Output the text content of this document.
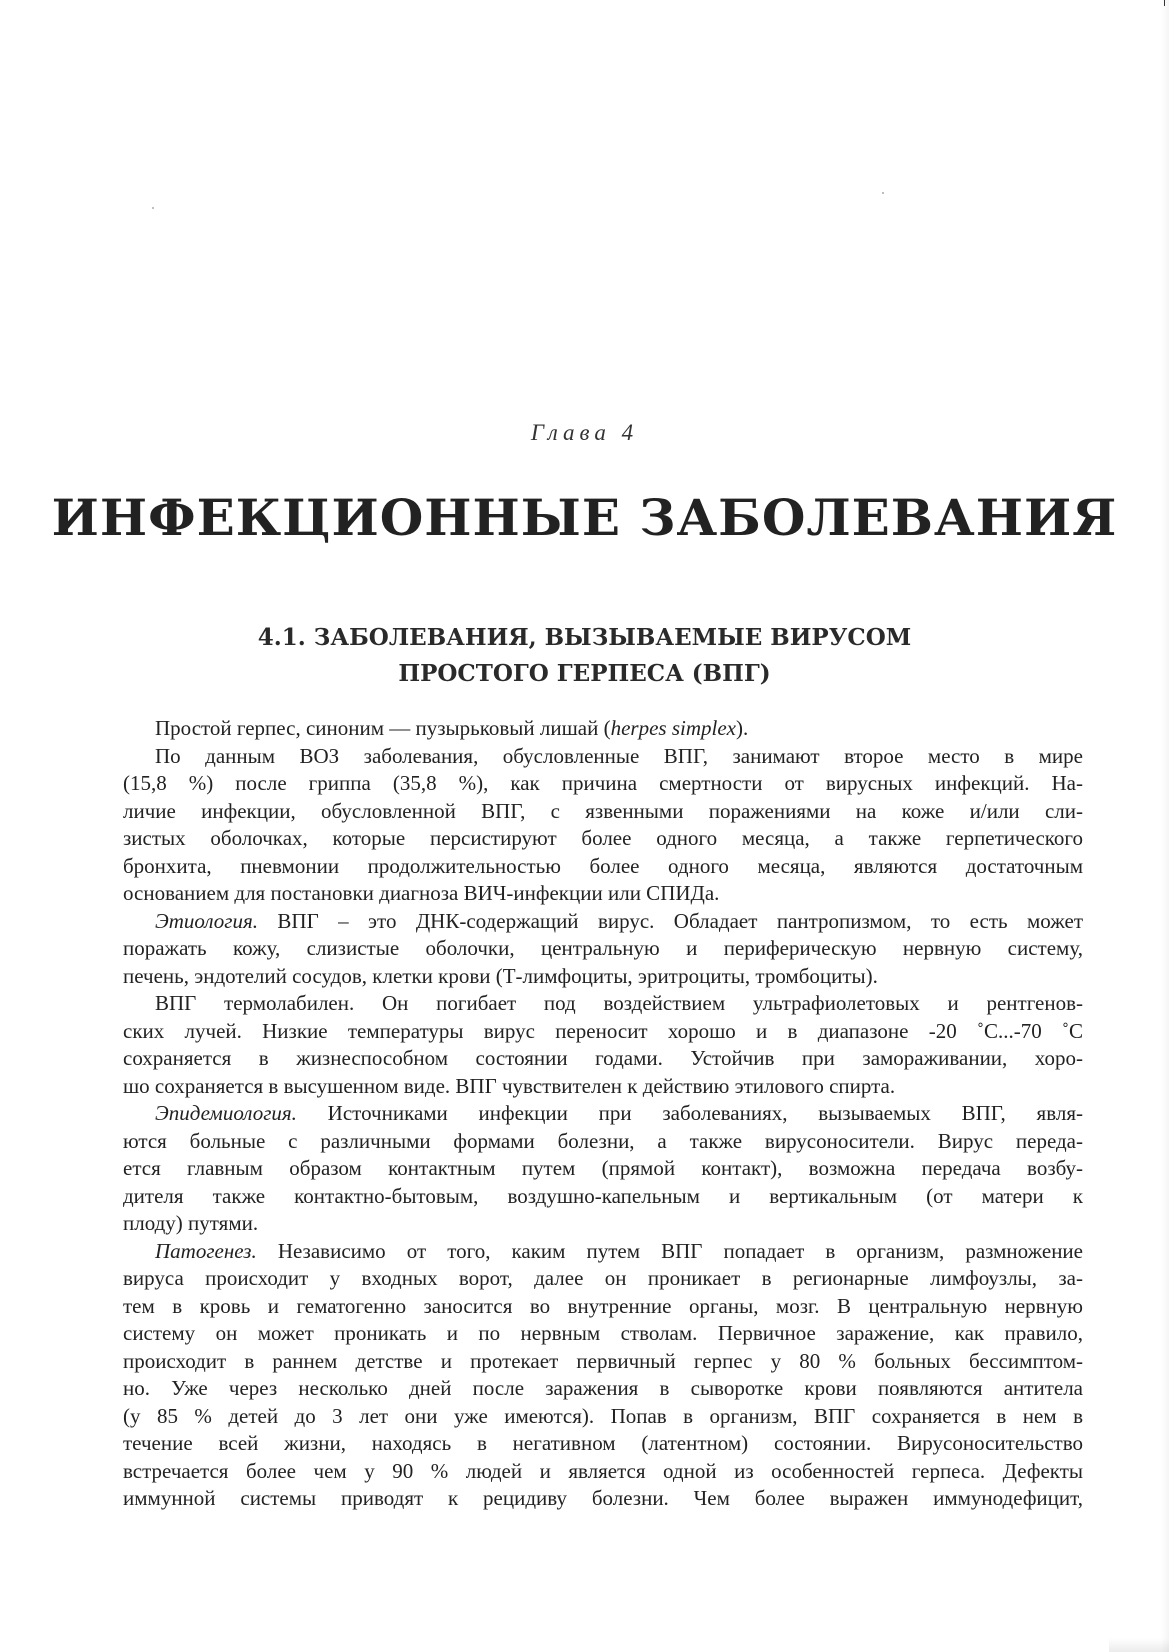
Глава 4
ИНФЕКЦИОННЫЕ ЗАБОЛЕВАНИЯ
4.1. ЗАБОЛЕВАНИЯ, ВЫЗЫВАЕМЫЕ ВИРУСОМ
ПРОСТОГО ГЕРПЕСА (ВПГ)
Простой герпес, синоним — пузырьковый лишай (herpes simplex).
По данным ВОЗ заболевания, обусловленные ВПГ, занимают второе место в мире
(15,8 %) после гриппа (35,8 %), как причина смертности от вирусных инфекций. На-
личие инфекции, обусловленной ВПГ, с язвенными поражениями на коже и/или сли-
зистых оболочках, которые персистируют более одного месяца, а также герпетического
бронхита, пневмонии продолжительностью более одного месяца, являются достаточным
основанием для постановки диагноза ВИЧ-инфекции или СПИДа.
Этиология. ВПГ – это ДНК-содержащий вирус. Обладает пантропизмом, то есть может
поражать кожу, слизистые оболочки, центральную и периферическую нервную систему,
печень, эндотелий сосудов, клетки крови (Т-лимфоциты, эритроциты, тромбоциты).
ВПГ термолабилен. Он погибает под воздействием ультрафиолетовых и рентгенов-
ских лучей. Низкие температуры вирус переносит хорошо и в диапазоне -20 ˚С...-70 ˚С
сохраняется в жизнеспособном состоянии годами. Устойчив при замораживании, хоро-
шо сохраняется в высушенном виде. ВПГ чувствителен к действию этилового спирта.
Эпидемиология. Источниками инфекции при заболеваниях, вызываемых ВПГ, явля-
ются больные с различными формами болезни, а также вирусоносители. Вирус переда-
ется главным образом контактным путем (прямой контакт), возможна передача возбу-
дителя также контактно-бытовым, воздушно-капельным и вертикальным (от матери к
плоду) путями.
Патогенез. Независимо от того, каким путем ВПГ попадает в организм, размножение
вируса происходит у входных ворот, далее он проникает в регионарные лимфоузлы, за-
тем в кровь и гематогенно заносится во внутренние органы, мозг. В центральную нервную
систему он может проникать и по нервным стволам. Первичное заражение, как правило,
происходит в раннем детстве и протекает первичный герпес у 80 % больных бессимптом-
но. Уже через несколько дней после заражения в сыворотке крови появляются антитела
(у 85 % детей до 3 лет они уже имеются). Попав в организм, ВПГ сохраняется в нем в
течение всей жизни, находясь в негативном (латентном) состоянии. Вирусоносительство
встречается более чем у 90 % людей и является одной из особенностей герпеса. Дефекты
иммунной системы приводят к рецидиву болезни. Чем более выражен иммунодефицит,
